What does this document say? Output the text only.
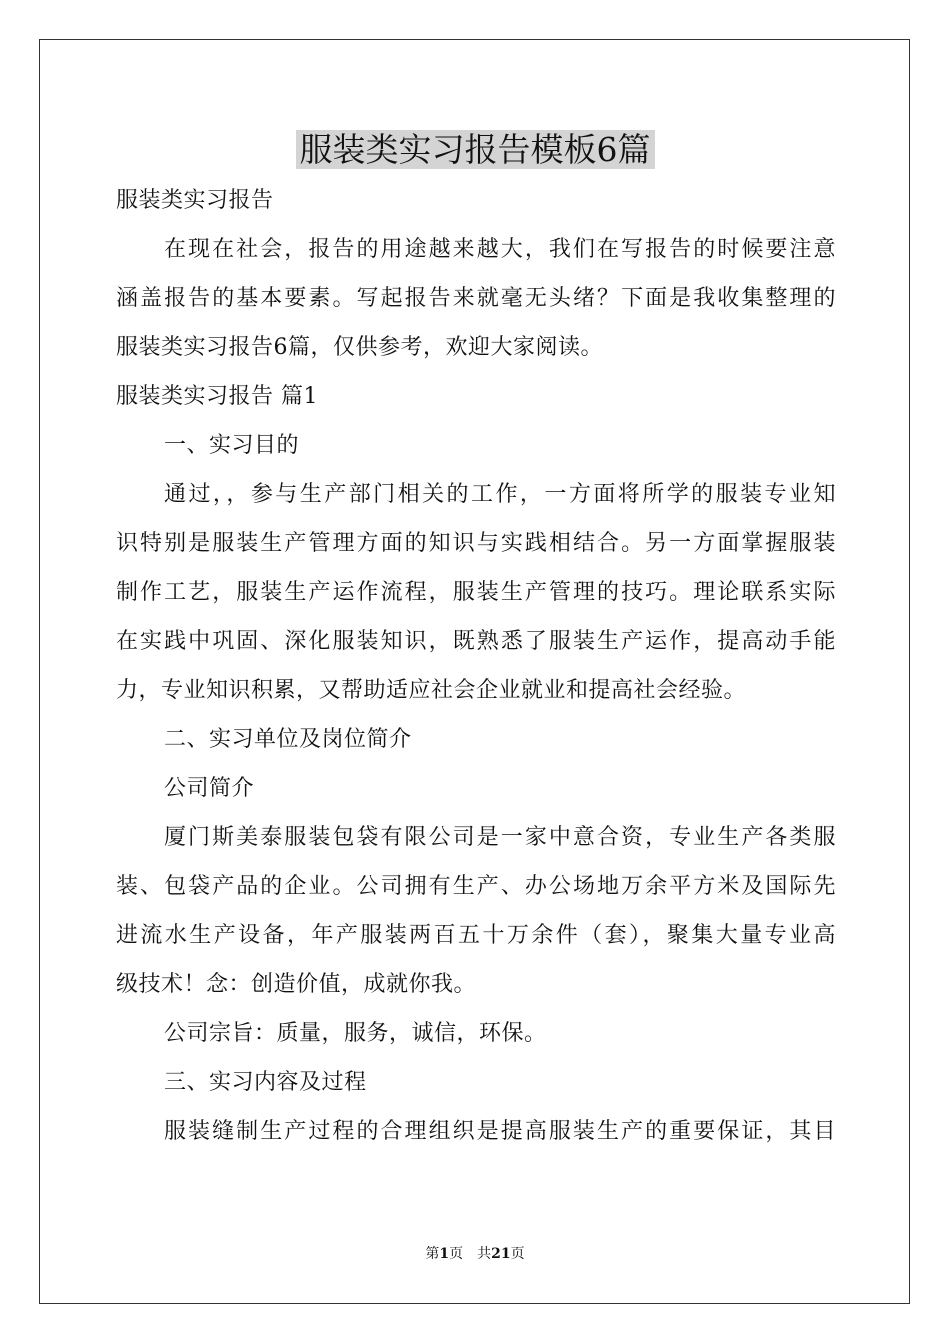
服装类实习报告模板6篇
服装类实习报告
在现在社会，报告的用途越来越大，我们在写报告的时候要注意
涵盖报告的基本要素。写起报告来就毫无头绪？下面是我收集整理的
服装类实习报告6篇，仅供参考，欢迎大家阅读。
服装类实习报告 篇1
一、实习目的
通过，，参与生产部门相关的工作，一方面将所学的服装专业知
识特别是服装生产管理方面的知识与实践相结合。另一方面掌握服装
制作工艺，服装生产运作流程，服装生产管理的技巧。理论联系实际
在实践中巩固、深化服装知识，既熟悉了服装生产运作，提高动手能
力，专业知识积累，又帮助适应社会企业就业和提高社会经验。
二、实习单位及岗位简介
公司简介
厦门斯美泰服装包袋有限公司是一家中意合资，专业生产各类服
装、包袋产品的企业。公司拥有生产、办公场地万余平方米及国际先
进流水生产设备，年产服装两百五十万余件（套），聚集大量专业高
级技术！念：创造价值，成就你我。
公司宗旨：质量，服务，诚信，环保。
三、实习内容及过程
服装缝制生产过程的合理组织是提高服装生产的重要保证，其目
第1页　共21页
